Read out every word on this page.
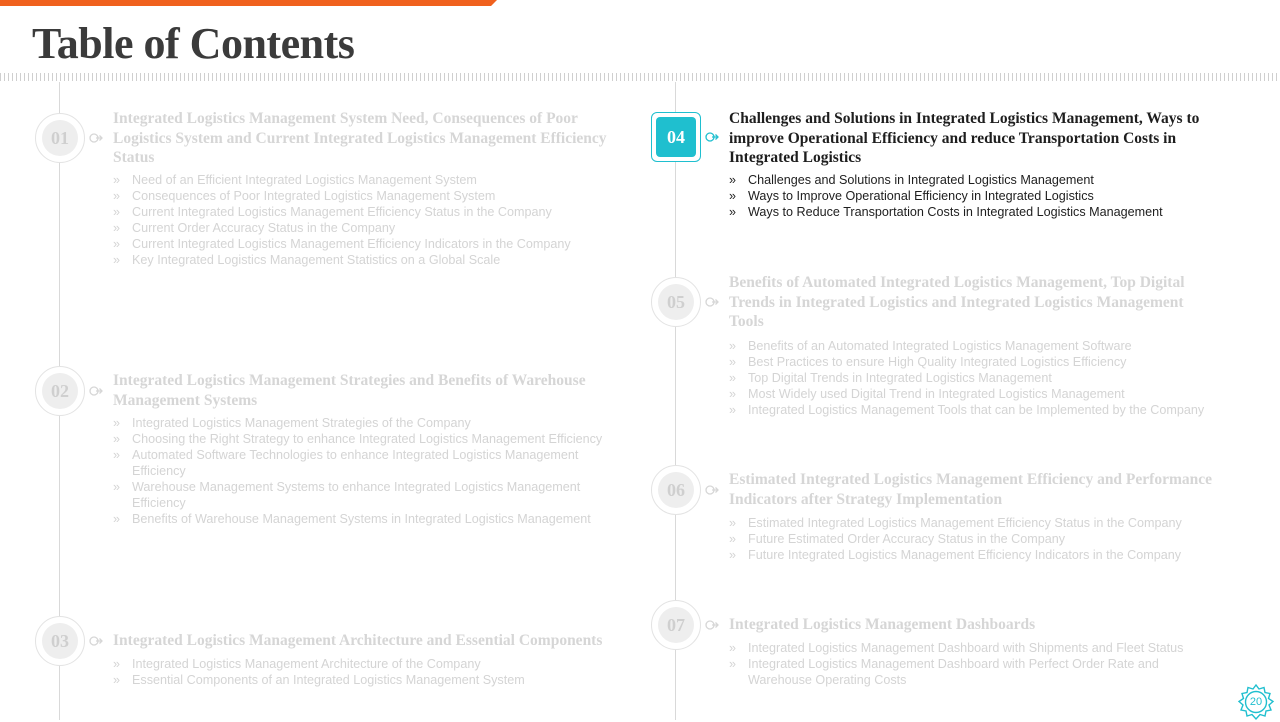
Table of Contents
01
Integrated Logistics Management System Need, Consequences of Poor Logistics System and Current Integrated Logistics Management Efficiency Status
» Need of an Efficient Integrated Logistics Management System
» Consequences of Poor Integrated Logistics Management System
» Current Integrated Logistics Management Efficiency Status in the Company
» Current Order Accuracy Status in the Company
» Current Integrated Logistics Management Efficiency Indicators in the Company
» Key Integrated Logistics Management Statistics on a Global Scale
02	Integrated Logistics Management Strategies and Benefits of Warehouse Management Systems
» Integrated Logistics Management Strategies of the Company
» Choosing the Right Strategy to enhance Integrated Logistics Management Efficiency
» Automated Software Technologies to enhance Integrated Logistics Management Efficiency
» Warehouse Management Systems to enhance Integrated Logistics Management Efficiency
» Benefits of Warehouse Management Systems in Integrated Logistics Management
03	Integrated Logistics Management Architecture and Essential Components
» Integrated Logistics Management Architecture of the Company
» Essential Components of an Integrated Logistics Management System
04
Challenges and Solutions in Integrated Logistics Management, Ways to improve Operational Efficiency and reduce Transportation Costs in Integrated Logistics
» Challenges and Solutions in Integrated Logistics Management
» Ways to Improve Operational Efficiency in Integrated Logistics
» Ways to Reduce Transportation Costs in Integrated Logistics Management
05
Benefits of Automated Integrated Logistics Management, Top Digital Trends in Integrated Logistics and Integrated Logistics Management Tools
» Benefits of an Automated Integrated Logistics Management Software
» Best Practices to ensure High Quality Integrated Logistics Efficiency
» Top Digital Trends in Integrated Logistics Management
» Most Widely used Digital Trend in Integrated Logistics Management
» Integrated Logistics Management Tools that can be Implemented by the Company
06	Estimated Integrated Logistics Management Efficiency and Performance Indicators after Strategy Implementation
» Estimated Integrated Logistics Management Efficiency Status in the Company
» Future Estimated Order Accuracy Status in the Company
» Future Integrated Logistics Management Efficiency Indicators in the Company
07	Integrated Logistics Management Dashboards
» Integrated Logistics Management Dashboard with Shipments and Fleet Status
» Integrated Logistics Management Dashboard with Perfect Order Rate and Warehouse Operating Costs
20
